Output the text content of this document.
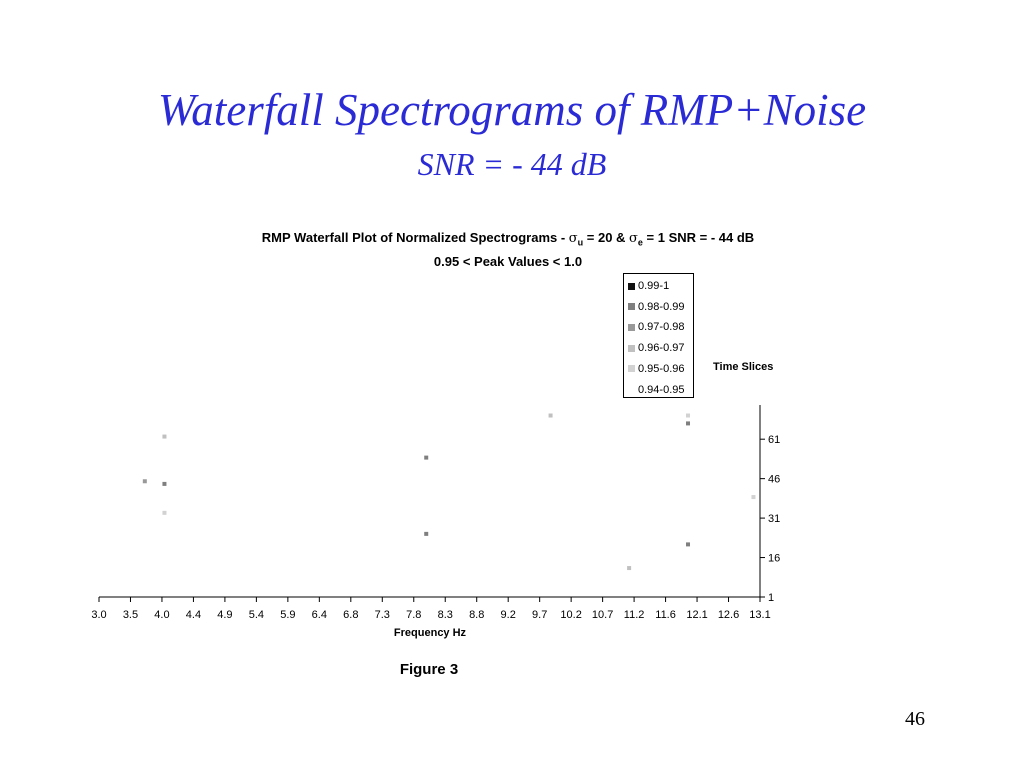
Waterfall Spectrograms of RMP+Noise
SNR = - 44 dB
RMP Waterfall Plot of Normalized Spectrograms - $\sigma_u = 20$ & $\sigma_e = 1$ SNR = - 44 dB
0.95 < Peak Values < 1.0
3.0 3.5 4.0 4.4 4.9 5.4 5.9 6.4 6.8 7.3 7.8 8.3 8.8 9.2 9.7 10.2 10.7 11.2 11.6 12.1 12.6 13.1
1
16
31
46
61
0.99-1
0.98-0.99
0.97-0.98
0.96-0.97
0.95-0.96
0.94-0.95
Time Slices
Frequency Hz
Figure 3
46
